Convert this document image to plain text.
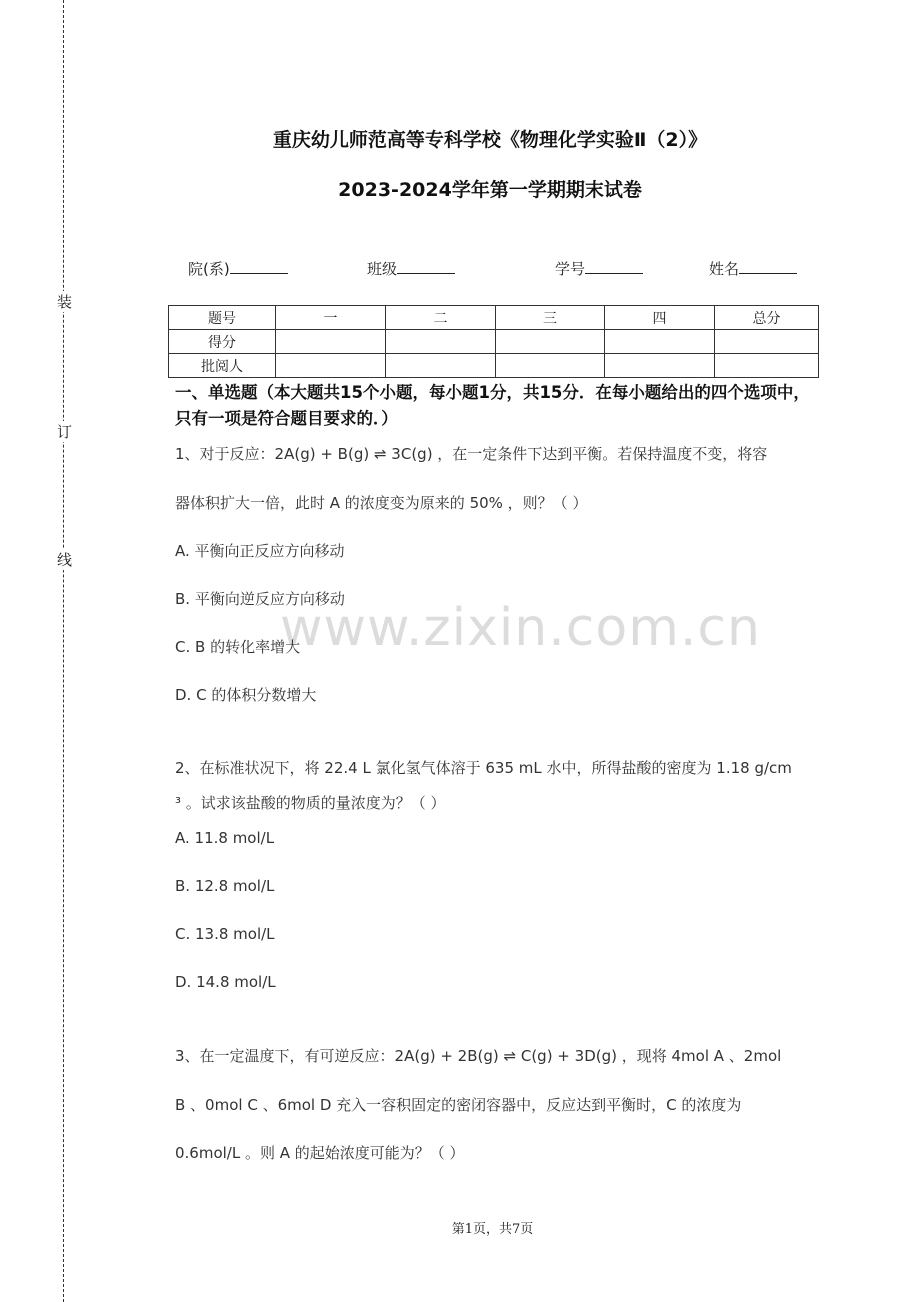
装
订
线
重庆幼儿师范高等专科学校《物理化学实验Ⅱ（2）》
2023-2024学年第一学期期末试卷
院(系)	班级	学号	姓名
题号	一	二	三	四	总分
得分					
批阅人					
一、单选题（本大题共15个小题，每小题1分，共15分．在每小题给出的四个选项中，只有一项是符合题目要求的．）
www.zixin.com.cn
1、对于反应：2A(g) + B(g) ⇌ 3C(g) ，在一定条件下达到平衡。若保持温度不变，将容
器体积扩大一倍，此时 A 的浓度变为原来的 50% ，则？（ ）
A. 平衡向正反应方向移动
B. 平衡向逆反应方向移动
C. B 的转化率增大
D. C 的体积分数增大
2、在标准状况下，将 22.4 L 氯化氢气体溶于 635 mL 水中，所得盐酸的密度为 1.18 g/cm
³ 。试求该盐酸的物质的量浓度为？（ ）
A. 11.8 mol/L
B. 12.8 mol/L
C. 13.8 mol/L
D. 14.8 mol/L
3、在一定温度下，有可逆反应：2A(g) + 2B(g) ⇌ C(g) + 3D(g) ，现将 4mol A 、2mol
B 、0mol C 、6mol D 充入一容积固定的密闭容器中，反应达到平衡时，C 的浓度为
0.6mol/L 。则 A 的起始浓度可能为？（ ）
第1页，共7页
